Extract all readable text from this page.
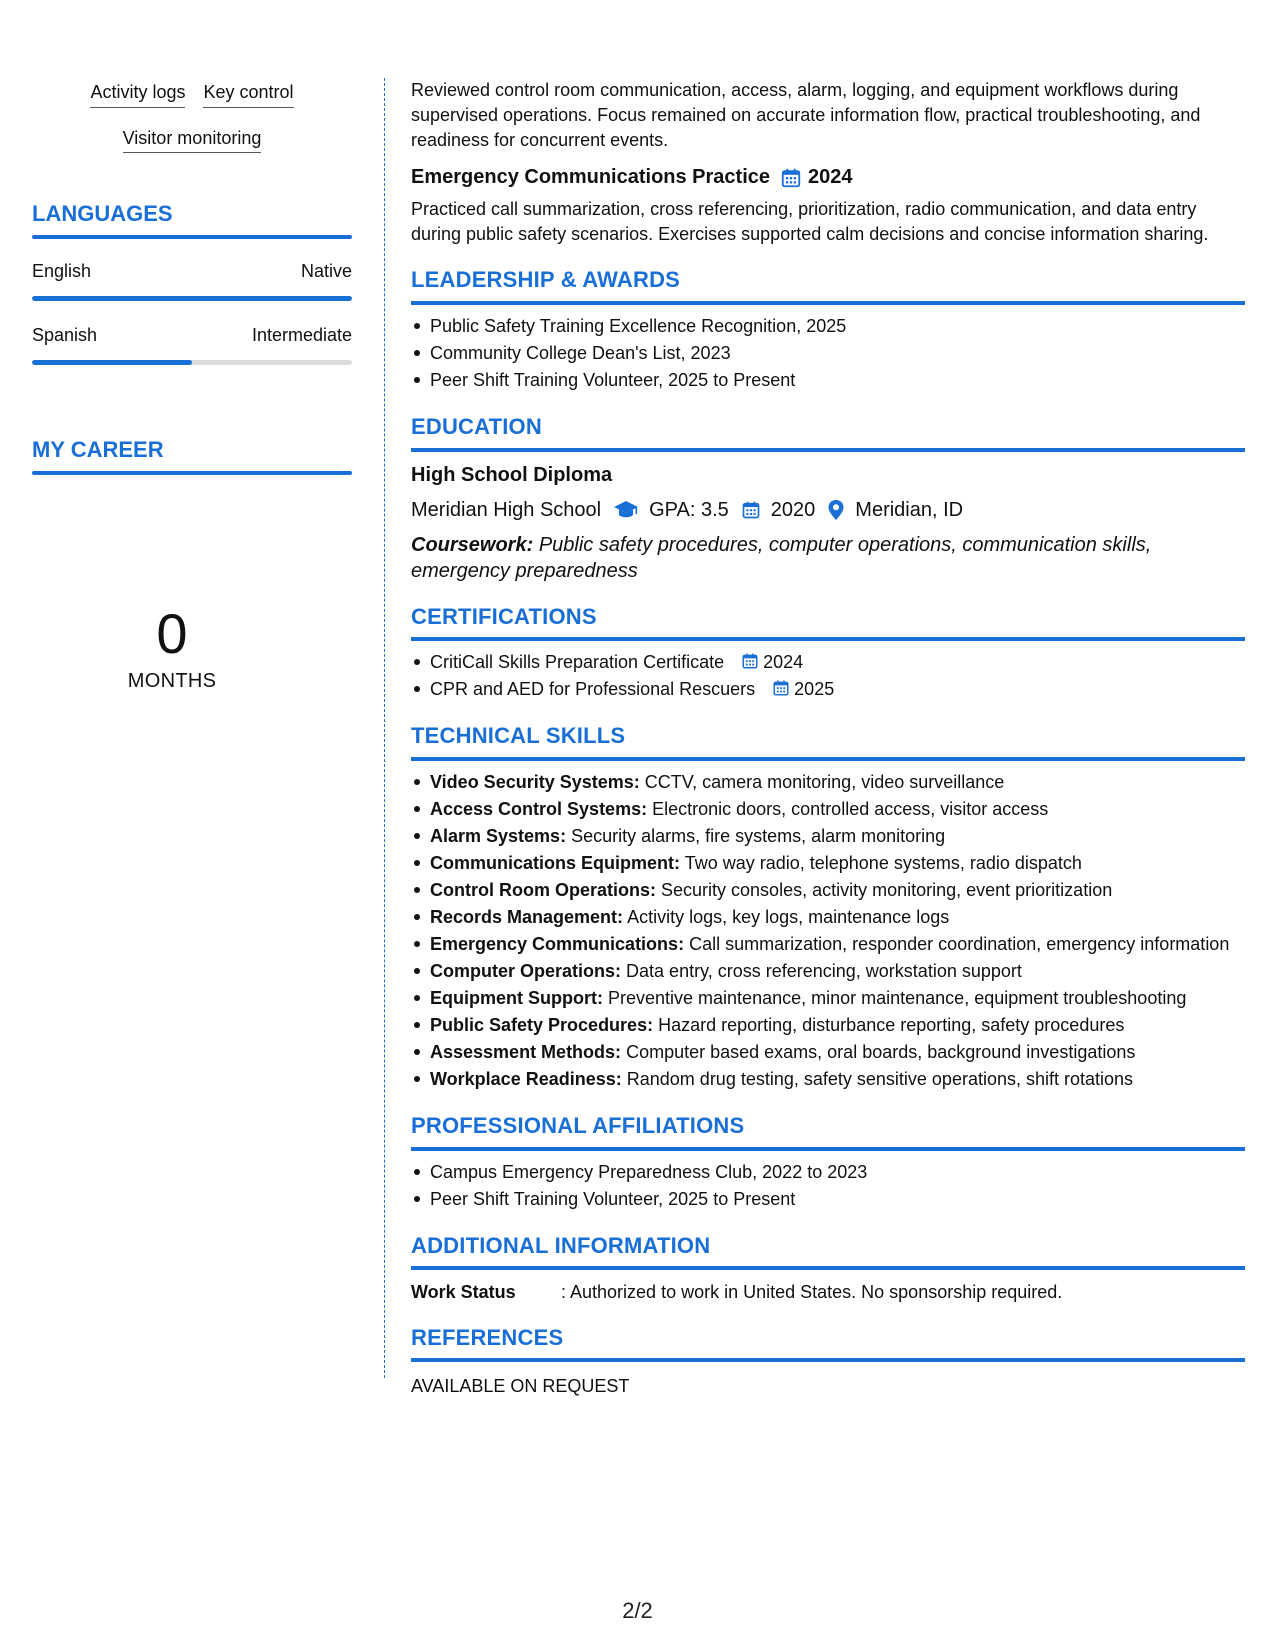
Activity logs Key control
Visitor monitoring
LANGUAGES
English	Native
Spanish	Intermediate
MY CAREER
0
MONTHS

Reviewed control room communication, access, alarm, logging, and equipment workflows during supervised operations. Focus remained on accurate information flow, practical troubleshooting, and readiness for concurrent events.

Emergency Communications Practice 2024

Practiced call summarization, cross referencing, prioritization, radio communication, and data entry during public safety scenarios. Exercises supported calm decisions and concise information sharing.

LEADERSHIP & AWARDS
Public Safety Training Excellence Recognition, 2025
Community College Dean's List, 2023
Peer Shift Training Volunteer, 2025 to Present
EDUCATION
High School Diploma
Meridian High School GPA: 3.5 2020 Meridian, ID
Coursework: Public safety procedures, computer operations, communication skills, emergency preparedness
CERTIFICATIONS
CritiCall Skills Preparation Certificate 2024
CPR and AED for Professional Rescuers 2025
TECHNICAL SKILLS
Video Security Systems: CCTV, camera monitoring, video surveillance
Access Control Systems: Electronic doors, controlled access, visitor access
Alarm Systems: Security alarms, fire systems, alarm monitoring
Communications Equipment: Two way radio, telephone systems, radio dispatch
Control Room Operations: Security consoles, activity monitoring, event prioritization
Records Management: Activity logs, key logs, maintenance logs
Emergency Communications: Call summarization, responder coordination, emergency information
Computer Operations: Data entry, cross referencing, workstation support
Equipment Support: Preventive maintenance, minor maintenance, equipment troubleshooting
Public Safety Procedures: Hazard reporting, disturbance reporting, safety procedures
Assessment Methods: Computer based exams, oral boards, background investigations
Workplace Readiness: Random drug testing, safety sensitive operations, shift rotations
PROFESSIONAL AFFILIATIONS
Campus Emergency Preparedness Club, 2022 to 2023
Peer Shift Training Volunteer, 2025 to Present
ADDITIONAL INFORMATION
Work Status	: Authorized to work in United States. No sponsorship required.
REFERENCES
AVAILABLE ON REQUEST
2/2
